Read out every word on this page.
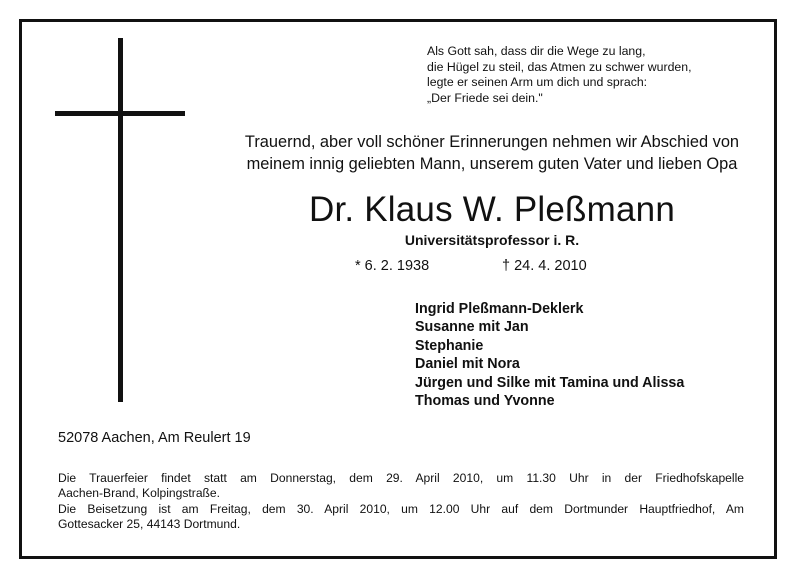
Als Gott sah, dass dir die Wege zu lang,
die Hügel zu steil, das Atmen zu schwer wurden,
legte er seinen Arm um dich und sprach:
„Der Friede sei dein."
Trauernd, aber voll schöner Erinnerungen nehmen wir Abschied von
meinem innig geliebten Mann, unserem guten Vater und lieben Opa
Dr. Klaus W. Pleßmann
Universitätsprofessor i. R.
* 6. 2. 1938	† 24. 4. 2010
Ingrid Pleßmann-Deklerk
Susanne mit Jan
Stephanie
Daniel mit Nora
Jürgen und Silke mit Tamina und Alissa
Thomas und Yvonne
52078 Aachen, Am Reulert 19
Die Trauerfeier findet statt am Donnerstag, dem 29. April 2010, um 11.30 Uhr in der Friedhofskapelle
Aachen-Brand, Kolpingstraße.
Die Beisetzung ist am Freitag, dem 30. April 2010, um 12.00 Uhr auf dem Dortmunder Hauptfriedhof, Am
Gottesacker 25, 44143 Dortmund.
